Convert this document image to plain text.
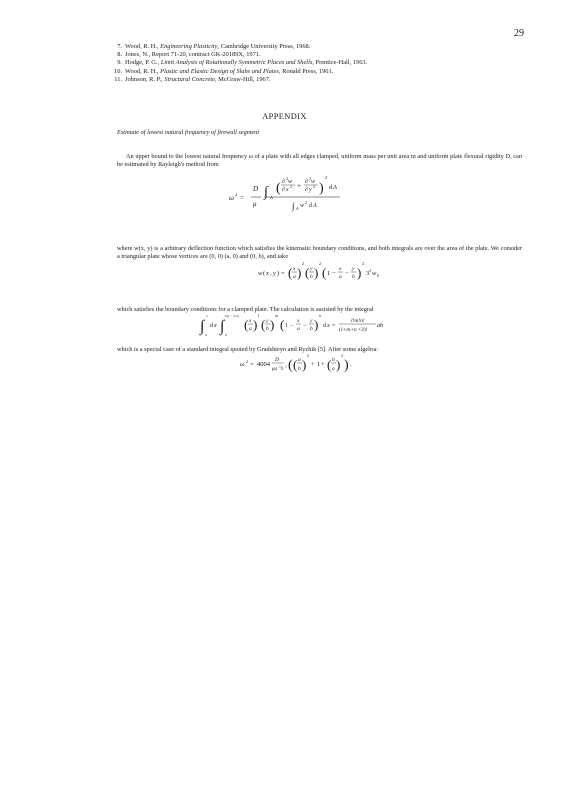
29
7. Wood, R. H., Engineering Plasticity, Cambridge University Press, 1968.
8. Jones, N., Report 71-20, contract GK-20189X, 1971.
9. Hodge, P. G., Limit Analysis of Rotationally Symmetric Places and Shells, Prentice-Hall, 1963.
10. Wood, R. H., Plastic and Elastic Design of Slabs and Plates, Ronald Press, 1961.
11. Johnson, R. P., Structural Concrete, McGraw-Hill, 1967.
APPENDIX
Estimate of lowest natural frequency of firewall segment

An upper bound to the lowest natural frequency ω of a plate with all edges clamped, uniform mass per unit area m and uniform plate flexural rigidity D, can be estimated by Rayleigh's method from

ω 2 =
D
μ
∫ A
( ∂
2
w
∂ x
2 + ∂
2
w
∂ y
2 )
2
d A
∫ A w
2
d A

where w(x, y) is a arbitrary deflection function which satisfies the kinematic boundary conditions, and both integrals are over the area of the plate. We consider a triangular plate whose vertices are (0, 0) (a, 0) and (0, b), and take

w ( x , y ) = ( x
a )
2
( y
b )
2
( 1 −
x
a −
y
b )
2
3 3 w 0

which satisfies the boundary conditions for a clamped plate. The calculation is assisted by the integral

∫
a
0
d x ∫
b(1 − x/a)
0
( x
a )
l
( y
b )
m
( 1 −
x
a −
y
b )
n
d x =
l!m!n!
( l+m+n +2)!
ab

which is a special case of a standard integral quoted by Gradshteyn and Ryzhik [5]. After some algebra:

ω 2 = 4004
D
μa
2
b
2 ( ( a
b )
2
+ 1 + ( b
a )
2
) .
